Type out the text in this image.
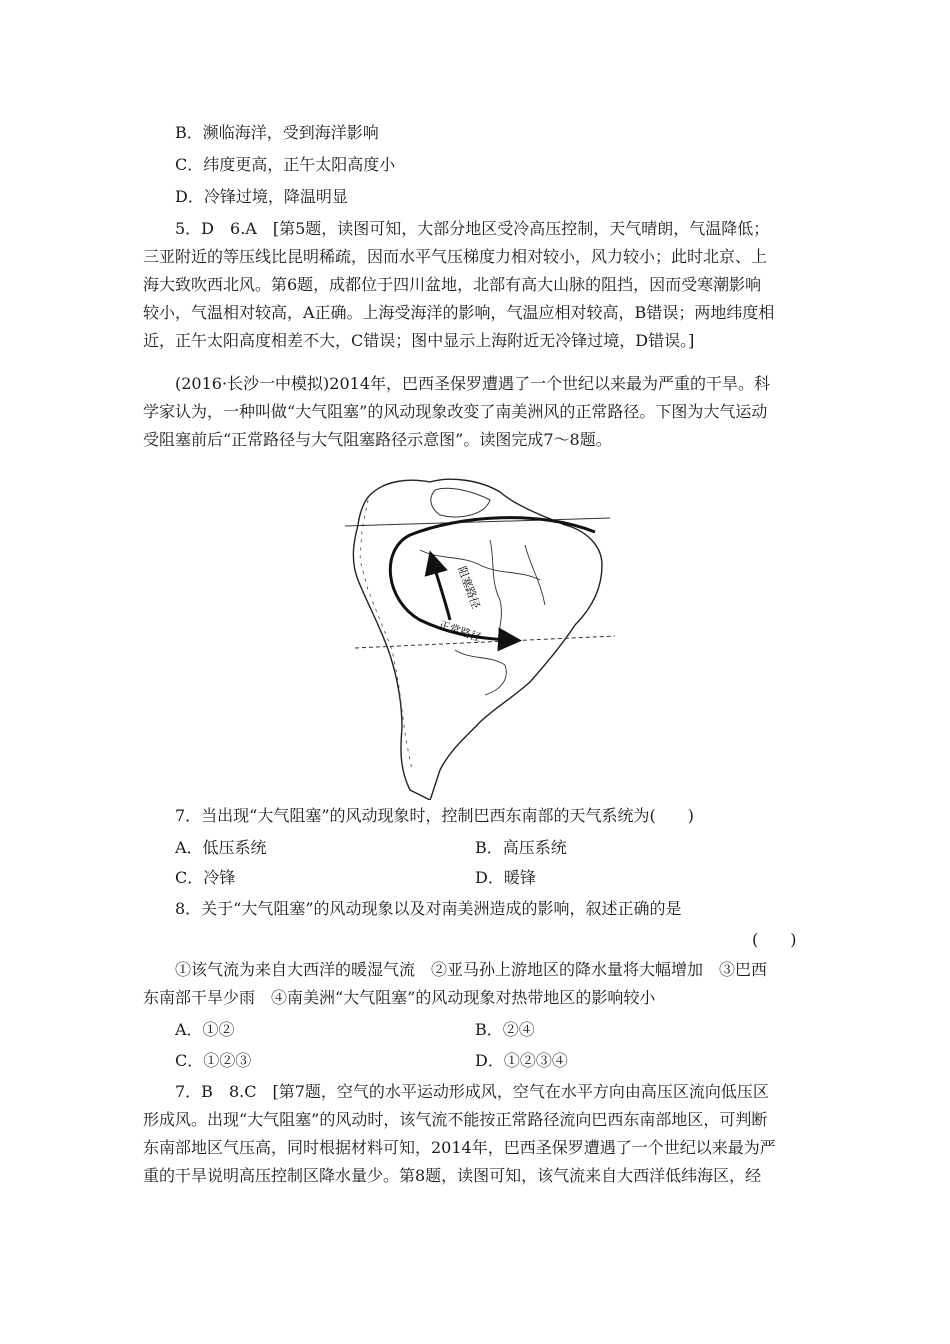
B．濒临海洋，受到海洋影响
C．纬度更高，正午太阳高度小
D．冷锋过境，降温明显
5．D　6.A　[第5题，读图可知，大部分地区受冷高压控制，天气晴朗，气温降低；
三亚附近的等压线比昆明稀疏，因而水平气压梯度力相对较小，风力较小；此时北京、上
海大致吹西北风。第6题，成都位于四川盆地，北部有高大山脉的阻挡，因而受寒潮影响
较小，气温相对较高，A正确。上海受海洋的影响，气温应相对较高，B错误；两地纬度相
近，正午太阳高度相差不大，C错误；图中显示上海附近无冷锋过境，D错误。]
(2016·长沙一中模拟)2014年，巴西圣保罗遭遇了一个世纪以来最为严重的干旱。科
学家认为，一种叫做“大气阻塞”的风动现象改变了南美洲风的正常路径。下图为大气运动
受阻塞前后“正常路径与大气阻塞路径示意图”。读图完成7～8题。
阻塞路径
正常路径
7．当出现“大气阻塞”的风动现象时，控制巴西东南部的天气系统为(　　)
A．低压系统	B．高压系统
C．冷锋	D．暖锋
8．关于“大气阻塞”的风动现象以及对南美洲造成的影响，叙述正确的是
(　　)
①该气流为来自大西洋的暖湿气流　②亚马孙上游地区的降水量将大幅增加　③巴西
东南部干旱少雨　④南美洲“大气阻塞”的风动现象对热带地区的影响较小
A．①②	B．②④
C．①②③	D．①②③④
7．B　8.C　[第7题，空气的水平运动形成风，空气在水平方向由高压区流向低压区
形成风。出现“大气阻塞”的风动时，该气流不能按正常路径流向巴西东南部地区，可判断
东南部地区气压高，同时根据材料可知，2014年，巴西圣保罗遭遇了一个世纪以来最为严
重的干旱说明高压控制区降水量少。第8题，读图可知，该气流来自大西洋低纬海区，经
